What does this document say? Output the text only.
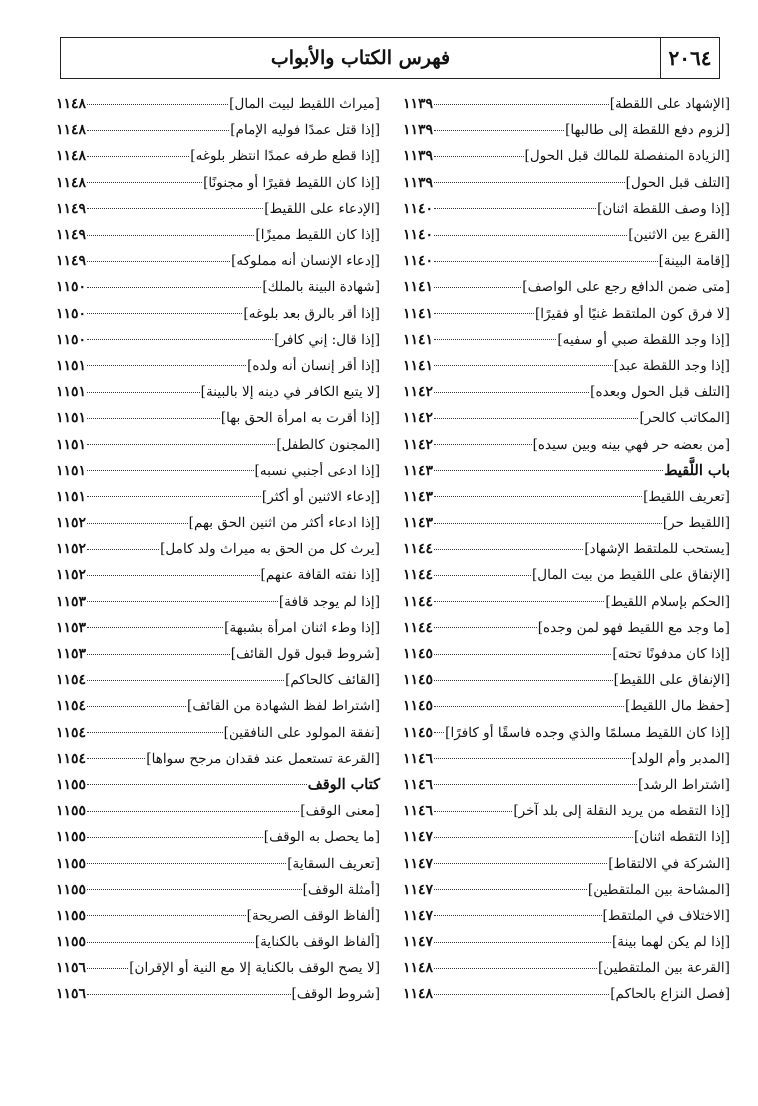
٢٠٦٤
فهرس الكتاب والأبواب
[الإشهاد على اللقطة]
١١٣٩
[لزوم دفع اللقطة إلى طالبها]
١١٣٩
[الزيادة المنفصلة للمالك قبل الحول]
١١٣٩
[التلف قبل الحول]
١١٣٩
[إذا وصف اللقطة اثنان]
١١٤٠
[القرع بين الاثنين]
١١٤٠
[إقامة البينة]
١١٤٠
[متى ضمن الدافع رجع على الواصف]
١١٤١
[لا فرق كون الملتقط غنيًا أو فقيرًا]
١١٤١
[إذا وجد اللقطة صبي أو سفيه]
١١٤١
[إذا وجد اللقطة عبد]
١١٤١
[التلف قبل الحول وبعده]
١١٤٢
[المكاتب كالحر]
١١٤٢
[من بعضه حر فهي بينه وبين سيده]
١١٤٢
باب اللَّقيط
١١٤٣
[تعريف اللقيط]
١١٤٣
[اللقيط حر]
١١٤٣
[يستحب للملتقط الإشهاد]
١١٤٤
[الإنفاق على اللقيط من بيت المال]
١١٤٤
[الحكم بإسلام اللقيط]
١١٤٤
[ما وجد مع اللقيط فهو لمن وجده]
١١٤٤
[إذا كان مدفونًا تحته]
١١٤٥
[الإنفاق على اللقيط]
١١٤٥
[حفظ مال اللقيط]
١١٤٥
[إذا كان اللقيط مسلمًا والذي وجده فاسقًا أو كافرًا]
١١٤٥
[المدبر وأم الولد]
١١٤٦
[اشتراط الرشد]
١١٤٦
[إذا التقطه من يريد النقلة إلى بلد آخر]
١١٤٦
[إذا التقطه اثنان]
١١٤٧
[الشركة في الالتقاط]
١١٤٧
[المشاحة بين الملتقطين]
١١٤٧
[الاختلاف في الملتقط]
١١٤٧
[إذا لم يكن لهما بينة]
١١٤٧
[القرعة بين الملتقطين]
١١٤٨
[فصل النزاع بالحاكم]
١١٤٨
[ميراث اللقيط لبيت المال]
١١٤٨
[إذا قتل عمدًا فوليه الإمام]
١١٤٨
[إذا قطع طرفه عمدًا انتظر بلوغه]
١١٤٨
[إذا كان اللقيط فقيرًا أو مجنونًا]
١١٤٨
[الإدعاء على اللقيط]
١١٤٩
[إذا كان اللقيط مميزًا]
١١٤٩
[إدعاء الإنسان أنه مملوكه]
١١٤٩
[شهادة البينة بالملك]
١١٥٠
[إذا أقر بالرق بعد بلوغه]
١١٥٠
[إذا قال: إني كافر]
١١٥٠
[إذا أقر إنسان أنه ولده]
١١٥١
[لا يتبع الكافر في دينه إلا بالبينة]
١١٥١
[إذا أقرت به امرأة الحق بها]
١١٥١
[المجنون كالطفل]
١١٥١
[إذا ادعى أجنبي نسبه]
١١٥١
[إدعاء الاثنين أو أكثر]
١١٥١
[إذا ادعاء أكثر من اثنين الحق بهم]
١١٥٢
[يرث كل من الحق به ميراث ولد كامل]
١١٥٢
[إذا نفته القافة عنهم]
١١٥٢
[إذا لم يوجد قافة]
١١٥٣
[إذا وطء اثنان امرأة بشبهة]
١١٥٣
[شروط قبول قول القائف]
١١٥٣
[القائف كالحاكم]
١١٥٤
[اشتراط لفظ الشهادة من القائف]
١١٥٤
[نفقة المولود على النافقين]
١١٥٤
[القرعة تستعمل عند فقدان مرجح سواها]
١١٥٤
كتاب الوقف
١١٥٥
[معنى الوقف]
١١٥٥
[ما يحصل به الوقف]
١١٥٥
[تعريف السقاية]
١١٥٥
[أمثلة الوقف]
١١٥٥
[ألفاظ الوقف الصريحة]
١١٥٥
[ألفاظ الوقف بالكناية]
١١٥٥
[لا يصح الوقف بالكناية إلا مع النية أو الإقران]
١١٥٦
[شروط الوقف]
١١٥٦
